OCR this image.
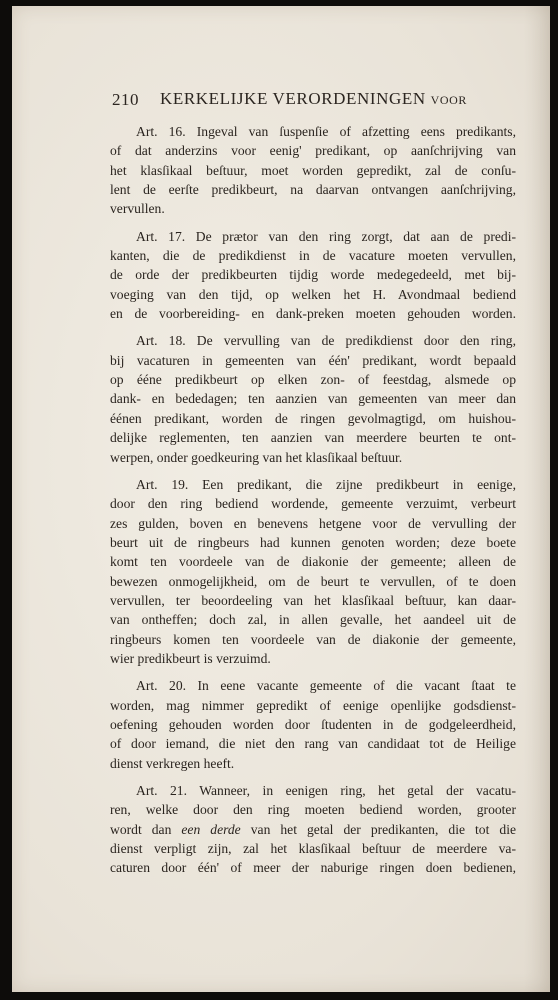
210 KERKELIJKE VERORDENINGEN voor
Art. 16. Ingeval van ſuspenſie of afzetting eens predikants,
of dat anderzins voor eenig' predikant, op aanſchrijving van
het klasſikaal beſtuur, moet worden gepredikt, zal de conſu-
lent de eerſte predikbeurt, na daarvan ontvangen aanſchrijving,
vervullen.
Art. 17. De prætor van den ring zorgt, dat aan de predi-
kanten, die de predikdienst in de vacature moeten vervullen,
de orde der predikbeurten tijdig worde medegedeeld, met bij-
voeging van den tijd, op welken het H. Avondmaal bediend
en de voorbereiding- en dank-preken moeten gehouden worden.
Art. 18. De vervulling van de predikdienst door den ring,
bij vacaturen in gemeenten van één' predikant, wordt bepaald
op ééne predikbeurt op elken zon- of feestdag, alsmede op
dank- en bededagen; ten aanzien van gemeenten van meer dan
éénen predikant, worden de ringen gevolmagtigd, om huishou-
delijke reglementen, ten aanzien van meerdere beurten te ont-
werpen, onder goedkeuring van het klasſikaal beſtuur.
Art. 19. Een predikant, die zijne predikbeurt in eenige,
door den ring bediend wordende, gemeente verzuimt, verbeurt
zes gulden, boven en benevens hetgene voor de vervulling der
beurt uit de ringbeurs had kunnen genoten worden; deze boete
komt ten voordeele van de diakonie der gemeente; alleen de
bewezen onmogelijkheid, om de beurt te vervullen, of te doen
vervullen, ter beoordeeling van het klasſikaal beſtuur, kan daar-
van ontheffen; doch zal, in allen gevalle, het aandeel uit de
ringbeurs komen ten voordeele van de diakonie der gemeente,
wier predikbeurt is verzuimd.
Art. 20. In eene vacante gemeente of die vacant ſtaat te
worden, mag nimmer gepredikt of eenige openlijke godsdienst-
oefening gehouden worden door ſtudenten in de godgeleerdheid,
of door iemand, die niet den rang van candidaat tot de Heilige
dienst verkregen heeft.
Art. 21. Wanneer, in eenigen ring, het getal der vacatu-
ren, welke door den ring moeten bediend worden, grooter
wordt dan een derde van het getal der predikanten, die tot die
dienst verpligt zijn, zal het klasſikaal beſtuur de meerdere va-
caturen door één' of meer der naburige ringen doen bedienen,
